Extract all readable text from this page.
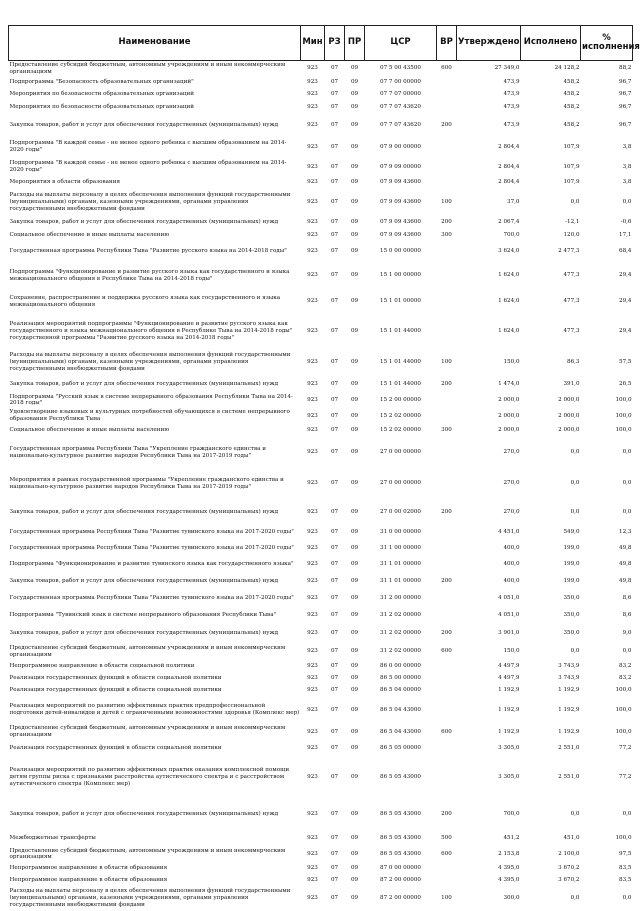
Наименование	Мин	РЗ	ПР	ЦСР	ВР	Утверждено	Исполнено	% исполнения
Предоставление субсидий бюджетным, автономным учреждениям и иным некоммерческим организациям	923	07	09	07 5 00 43500	600	27 349,0	24 128,2	88,2
Подпрограмма "Безопасность образовательных организаций"	923	07	09	07 7 00 00000		473,9	458,2	96,7
Мероприятия по безопасности образовательных организаций	923	07	09	07 7 07 00000		473,9	458,2	96,7
Мероприятия по безопасности образовательных организаций	923	07	09	07 7 07 43620		473,9	458,2	96,7
Закупка товаров, работ и услуг для обеспечения государственных (муниципальных) нужд	923	07	09	07 7 07 43620	200	473,9	458,2	96,7
Подпрограмма "В каждой семье - не менее одного ребенка с высшим образованием на 2014-2020 годы"	923	07	09	07 9 00 00000		2 804,4	107,9	3,8
Подпрограмма "В каждой семье - не менее одного ребенка с высшим образованием на 2014-2020 годы"	923	07	09	07 9 09 00000		2 804,4	107,9	3,8
Мероприятия в области образования	923	07	09	07 9 09 43600		2 804,4	107,9	3,8
Расходы на выплаты персоналу в целях обеспечения выполнения функций государственными (муниципальными) органами, казенными учреждениями, органами управления государственными внебюджетными фондами	923	07	09	07 9 09 43600	100	37,0	0,0	0,0
Закупка товаров, работ и услуг для обеспечения государственных (муниципальных) нужд	923	07	09	07 9 09 43600	200	2 067,4	-12,1	-0,6
Социальное обеспечение и иные выплаты населению	923	07	09	07 9 09 43600	300	700,0	120,0	17,1
Государственная программа Республики Тыва "Развитие русского языка на 2014-2018 годы"	923	07	09	15 0 00 00000		3 624,0	2 477,3	68,4
Подпрограмма "Функционирование и развитие русского языка как государственного и языка межнационального общения в Республике Тыва на 2014-2018 годы"	923	07	09	15 1 00 00000		1 624,0	477,3	29,4
Сохранение, распространение и поддержка русского языка как государственного и языка межнационального общения	923	07	09	15 1 01 00000		1 624,0	477,3	29,4
Реализация мероприятий подпрограммы "Функционирование и развитие русского языка как государственного и языка межнационального общения в Республике Тыва на 2014-2018 годы" государственной программы "Развитие русского языка на 2014-2018 годы"	923	07	09	15 1 01 44000		1 624,0	477,3	29,4
Расходы на выплаты персоналу в целях обеспечения выполнения функций государственными (муниципальными) органами, казенными учреждениями, органами управления государственными внебюджетными фондами	923	07	09	15 1 01 44000	100	150,0	86,3	57,5
Закупка товаров, работ и услуг для обеспечения государственных (муниципальных) нужд	923	07	09	15 1 01 44000	200	1 474,0	391,0	26,5
Подпрограмма "Русский язык в системе непрерывного образования Республики Тыва на 2014-2018 годы"	923	07	09	15 2 00 00000		2 000,0	2 000,0	100,0
Удовлетворение языковых и культурных потребностей обучающихся в системе непрерывного образования Республики Тыва	923	07	09	15 2 02 00000		2 000,0	2 000,0	100,0
Социальное обеспечение и иные выплаты населению	923	07	09	15 2 02 00000	300	2 000,0	2 000,0	100,0
Государственная программа Республики Тыва "Укрепление гражданского единства и национально-культурное развитие народов Республики Тыва на 2017-2019 годы"	923	07	09	27 0 00 00000		270,0	0,0	0,0
Мероприятия в рамках государственной программы "Укрепление гражданского единства и национально-культурное развитие народов Республики Тыва на 2017-2019 годы"	923	07	09	27 0 00 00000		270,0	0,0	0,0
Закупка товаров, работ и услуг для обеспечения государственных (муниципальных) нужд	923	07	09	27 0 00 02000	200	270,0	0,0	0,0
Государственная программа Республики Тыва "Развитие тувинского языка на 2017-2020 годы"	923	07	09	31 0 00 00000		4 451,0	549,0	12,3
Государственная программа Республики Тыва "Развитие тувинского языка на 2017-2020 годы"	923	07	09	31 1 00 00000		400,0	199,0	49,8
Подпрограмма "Функционирование и развитие тувинского языка как государственного языка"	923	07	09	31 1 01 00000		400,0	199,0	49,8
Закупка товаров, работ и услуг для обеспечения государственных (муниципальных) нужд	923	07	09	31 1 01 00000	200	400,0	199,0	49,8
Государственная программа Республики Тыва "Развитие тувинского языка на 2017-2020 годы"	923	07	09	31 2 00 00000		4 051,0	350,0	8,6
Подпрограмма "Тувинский язык в системе непрерывного образования Республики Тыва"	923	07	09	31 2 02 00000		4 051,0	350,0	8,6
Закупка товаров, работ и услуг для обеспечения государственных (муниципальных) нужд	923	07	09	31 2 02 00000	200	3 901,0	350,0	9,0
Предоставление субсидий бюджетным, автономным учреждениям и иным некоммерческим организациям	923	07	09	31 2 02 00000	600	150,0	0,0	0,0
Непрограммное направление в области социальной политики	923	07	09	86 0 00 00000		4 497,9	3 743,9	83,2
Реализация государственных функций в области социальной политики	923	07	09	86 5 00 00000		4 497,9	3 743,9	83,2
Реализация государственных функций в области социальной политики	923	07	09	86 5 04 00000		1 192,9	1 192,9	100,0
Реализация мероприятий по развитию эффективных практик предпрофессиональной подготовки детей-инвалидов и детей с ограниченными возможностями здоровья (Комплекс мер)	923	07	09	86 5 04 43000		1 192,9	1 192,9	100,0
Предоставление субсидий бюджетным, автономным учреждениям и иным некоммерческим организациям	923	07	09	86 5 04 43000	600	1 192,9	1 192,9	100,0
Реализация государственных функций в области социальной политики	923	07	09	86 5 05 00000		3 305,0	2 551,0	77,2
Реализация мероприятий по развитию эффективных практик оказания комплексной помощи детям группы риска с признаками расстройства аутистического спектра и с расстройством аутистического спектра (Комплекс мер)	923	07	09	86 5 05 43000		3 305,0	2 551,0	77,2
Закупка товаров, работ и услуг для обеспечения государственных (муниципальных) нужд	923	07	09	86 5 05 43000	200	700,0	0,0	0,0
Межбюджетные трансферты	923	07	09	86 5 05 43000	500	451,2	451,0	100,0
Предоставление субсидий бюджетным, автономным учреждениям и иным некоммерческим организациям	923	07	09	86 5 05 43000	600	2 153,8	2 100,0	97,5
Непрограммное направление в области образования	923	07	09	87 0 00 00000		4 395,0	3 670,2	83,5
Непрограммное направление в области образования	923	07	09	87 2 00 00000		4 395,0	3 670,2	83,5
Расходы на выплаты персоналу в целях обеспечения выполнения функций государственными (муниципальными) органами, казенными учреждениями, органами управления государственными внебюджетными фондами	923	07	09	87 2 00 00000	100	300,0	0,0	0,0
